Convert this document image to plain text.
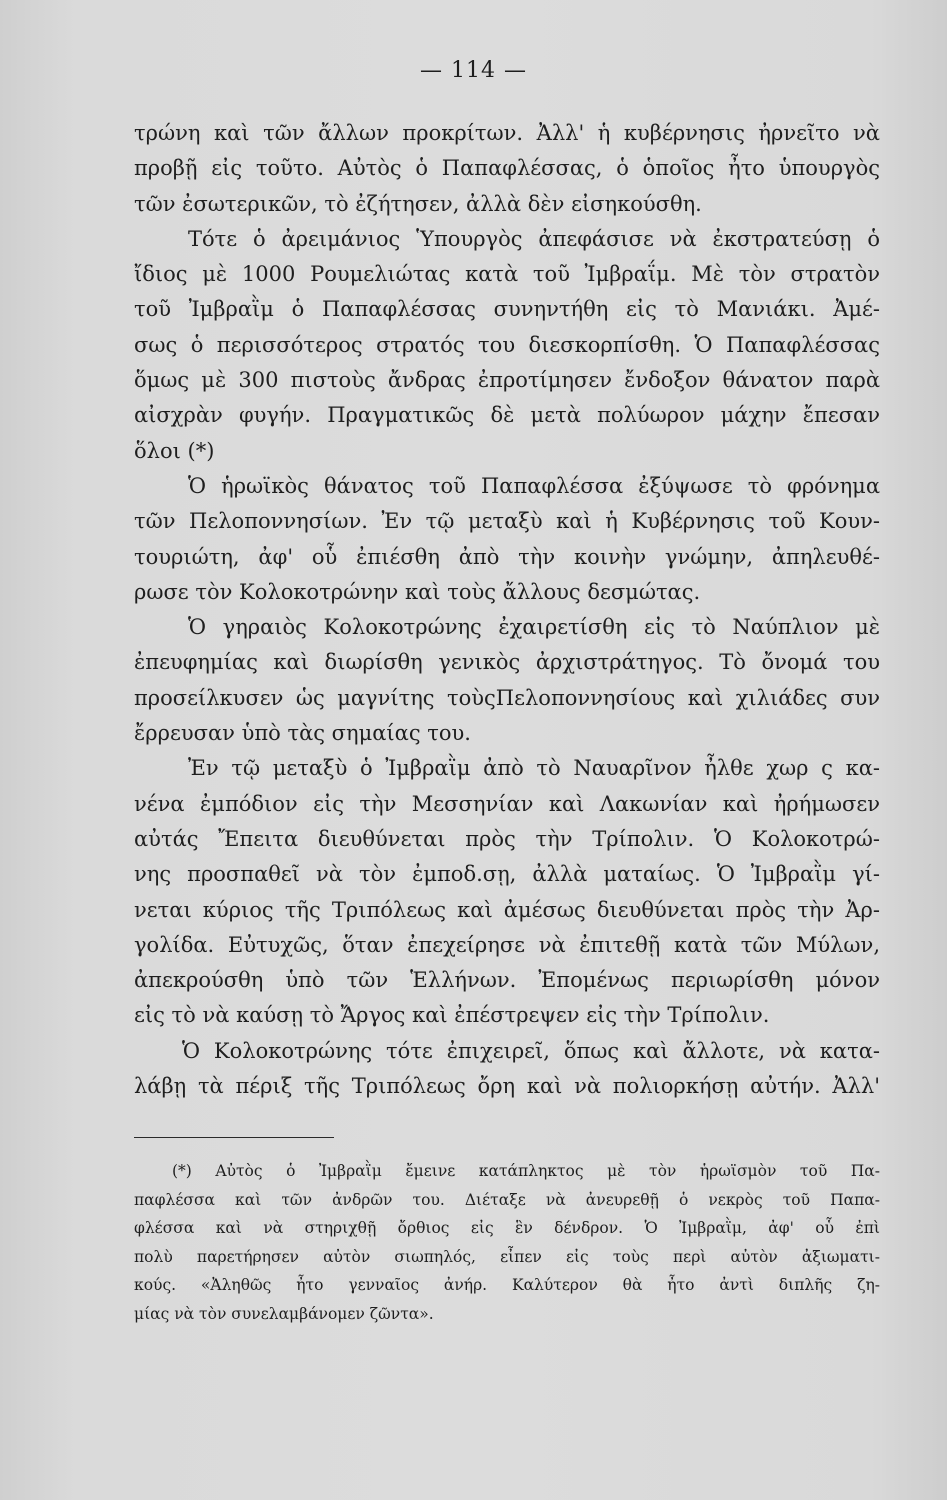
— 114 —
τρώνη καὶ τῶν ἄλλων προκρίτων. Ἀλλ' ἡ κυβέρνησις ἠρνεῖτο νὰ
προβῇ εἰς τοῦτο. Αὐτὸς ὁ Παπαφλέσσας, ὁ ὁποῖος ἦτο ὑπουργὸς
τῶν ἐσωτερικῶν, τὸ ἐζήτησεν, ἀλλὰ δὲν εἰσηκούσθη.
Τότε ὁ ἀρειμάνιος Ὑπουργὸς ἀπεφάσισε νὰ ἐκστρατεύσῃ ὁ
ἴδιος μὲ 1000 Ρουμελιώτας κατὰ τοῦ Ἰμβραΐμ. Μὲ τὸν στρατὸν
τοῦ Ἰμβραῒμ ὁ Παπαφλέσσας συνηντήθη εἰς τὸ Μανιάκι. Ἀμέ-
σως ὁ περισσότερος στρατός του διεσκορπίσθη. Ὁ Παπαφλέσσας
ὅμως μὲ 300 πιστοὺς ἄνδρας ἐπροτίμησεν ἔνδοξον θάνατον παρὰ
αἰσχρὰν φυγήν. Πραγματικῶς δὲ μετὰ πολύωρον μάχην ἔπεσαν
ὅλοι (*)
Ὁ ἡρωϊκὸς θάνατος τοῦ Παπαφλέσσα ἐξύψωσε τὸ φρόνημα
τῶν Πελοποννησίων. Ἐν τῷ μεταξὺ καὶ ἡ Κυβέρνησις τοῦ Κουν-
τουριώτη, ἀφ' οὗ ἐπιέσθη ἀπὸ τὴν κοινὴν γνώμην, ἀπηλευθέ-
ρωσε τὸν Κολοκοτρώνην καὶ τοὺς ἄλλους δεσμώτας.
Ὁ γηραιὸς Κολοκοτρώνης ἐχαιρετίσθη εἰς τὸ Ναύπλιον μὲ
ἐπευφημίας καὶ διωρίσθη γενικὸς ἀρχιστράτηγος. Τὸ ὄνομά του
προσείλκυσεν ὡς μαγνίτης τοὺςΠελοποννησίους καὶ χιλιάδες συν
ἔρρευσαν ὑπὸ τὰς σημαίας του.
Ἐν τῷ μεταξὺ ὁ Ἰμβραῒμ ἀπὸ τὸ Ναυαρῖνον ἦλθε χωρ ς κα-
νένα ἐμπόδιον εἰς τὴν Μεσσηνίαν καὶ Λακωνίαν καὶ ἠρήμωσεν
αὐτάς Ἔπειτα διευθύνεται πρὸς τὴν Τρίπολιν. Ὁ Κολοκοτρώ-
νης προσπαθεῖ νὰ τὸν ἐμποδ.σῃ, ἀλλὰ ματαίως. Ὁ Ἰμβραῒμ γί-
νεται κύριος τῆς Τριπόλεως καὶ ἀμέσως διευθύνεται πρὸς τὴν Ἀρ-
γολίδα. Εὐτυχῶς, ὅταν ἐπεχείρησε νὰ ἐπιτεθῇ κατὰ τῶν Μύλων,
ἀπεκρούσθη ὑπὸ τῶν Ἑλλήνων. Ἐπομένως περιωρίσθη μόνον
εἰς τὸ νὰ καύσῃ τὸ Ἄργος καὶ ἐπέστρεψεν εἰς τὴν Τρίπολιν.
Ὁ Κολοκοτρώνης τότε ἐπιχειρεῖ, ὅπως καὶ ἄλλοτε, νὰ κατα-
λάβῃ τὰ πέριξ τῆς Τριπόλεως ὄρη καὶ νὰ πολιορκήσῃ αὐτήν. Ἀλλ'
(*) Αὐτὸς ὁ Ἰμβραῒμ ἔμεινε κατάπληκτος μὲ τὸν ἡρωϊσμὸν τοῦ Πα-
παφλέσσα καὶ τῶν ἀνδρῶν του. Διέταξε νὰ ἀνευρεθῇ ὁ νεκρὸς τοῦ Παπα-
φλέσσα καὶ νὰ στηριχθῇ ὄρθιος εἰς ἓν δένδρον. Ὁ Ἰμβραῒμ, ἀφ' οὗ ἐπὶ
πολὺ παρετήρησεν αὐτὸν σιωπηλός, εἶπεν εἰς τοὺς περὶ αὐτὸν ἀξιωματι-
κούς. «Ἀληθῶς ἦτο γενναῖος ἀνήρ. Καλύτερον θὰ ἦτο ἀντὶ διπλῆς ζη-
μίας νὰ τὸν συνελαμβάνομεν ζῶντα».
